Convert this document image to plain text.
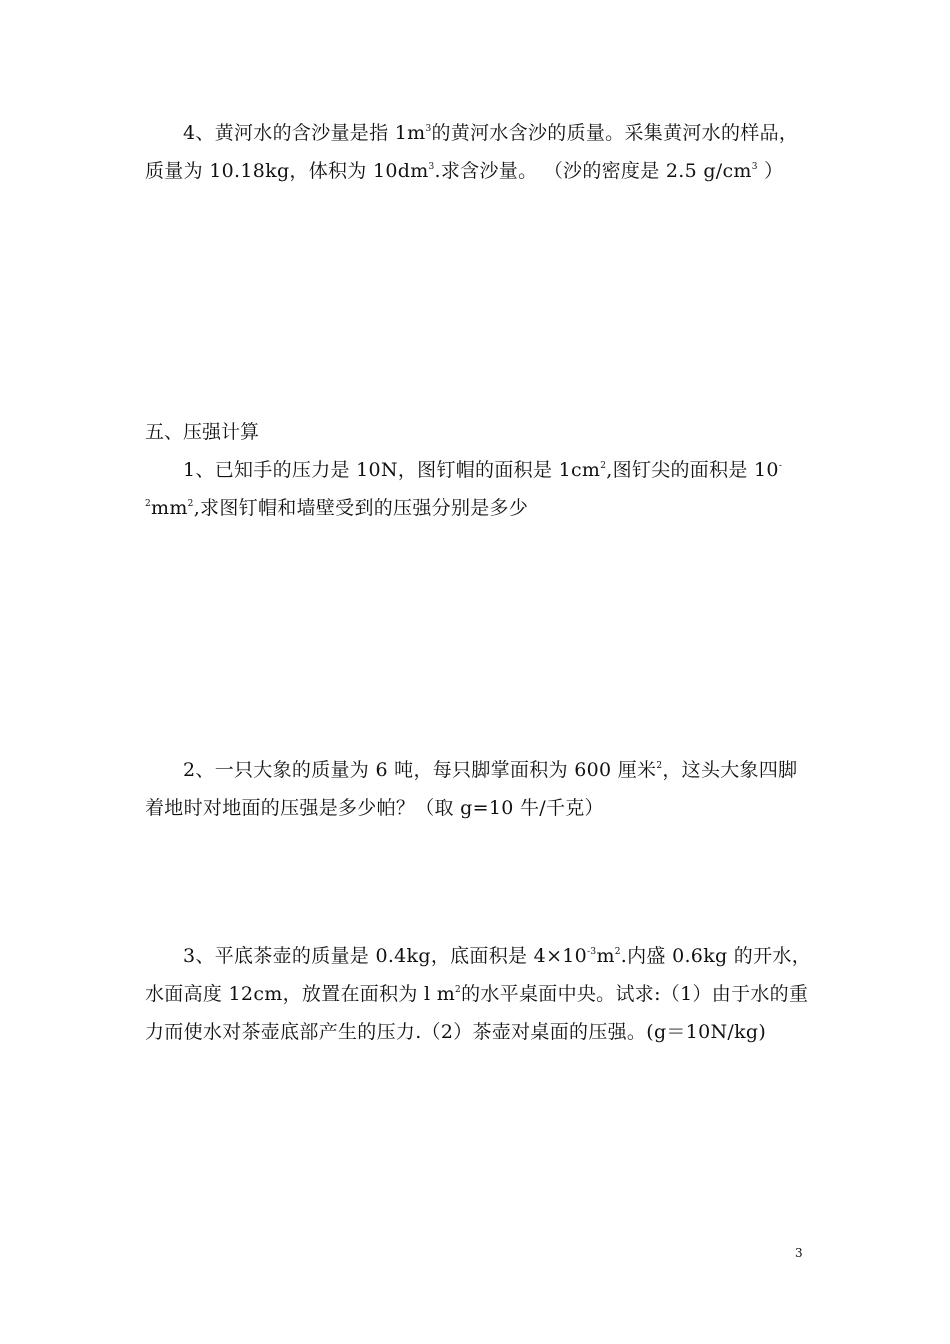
4、黄河水的含沙量是指 $1m^3$的黄河水含沙的质量。采集黄河水的样品，质量为 10.18kg，体积为 $10dm^3$.求含沙量。 （沙的密度是 2.5 $g/cm^3$ ）

五、压强计算

1、已知手的压力是 10N，图钉帽的面积是 $1cm^2$,图钉尖的面积是 $10^{-2}mm^2$,求图钉帽和墙壁受到的压强分别是多少

2、一只大象的质量为 6 吨，每只脚掌面积为 600 厘米$^2$，这头大象四脚着地时对地面的压强是多少帕？（取 g=10 牛/千克）

3、平底茶壶的质量是 0.4kg，底面积是 $4\times 10^{-3}m^2$.内盛 0.6kg 的开水，水面高度 12cm，放置在面积为 l $m^2$的水平桌面中央。试求:（1）由于水的重力而使水对茶壶底部产生的压力.（2）茶壶对桌面的压强。(g＝10N/kg)

3
